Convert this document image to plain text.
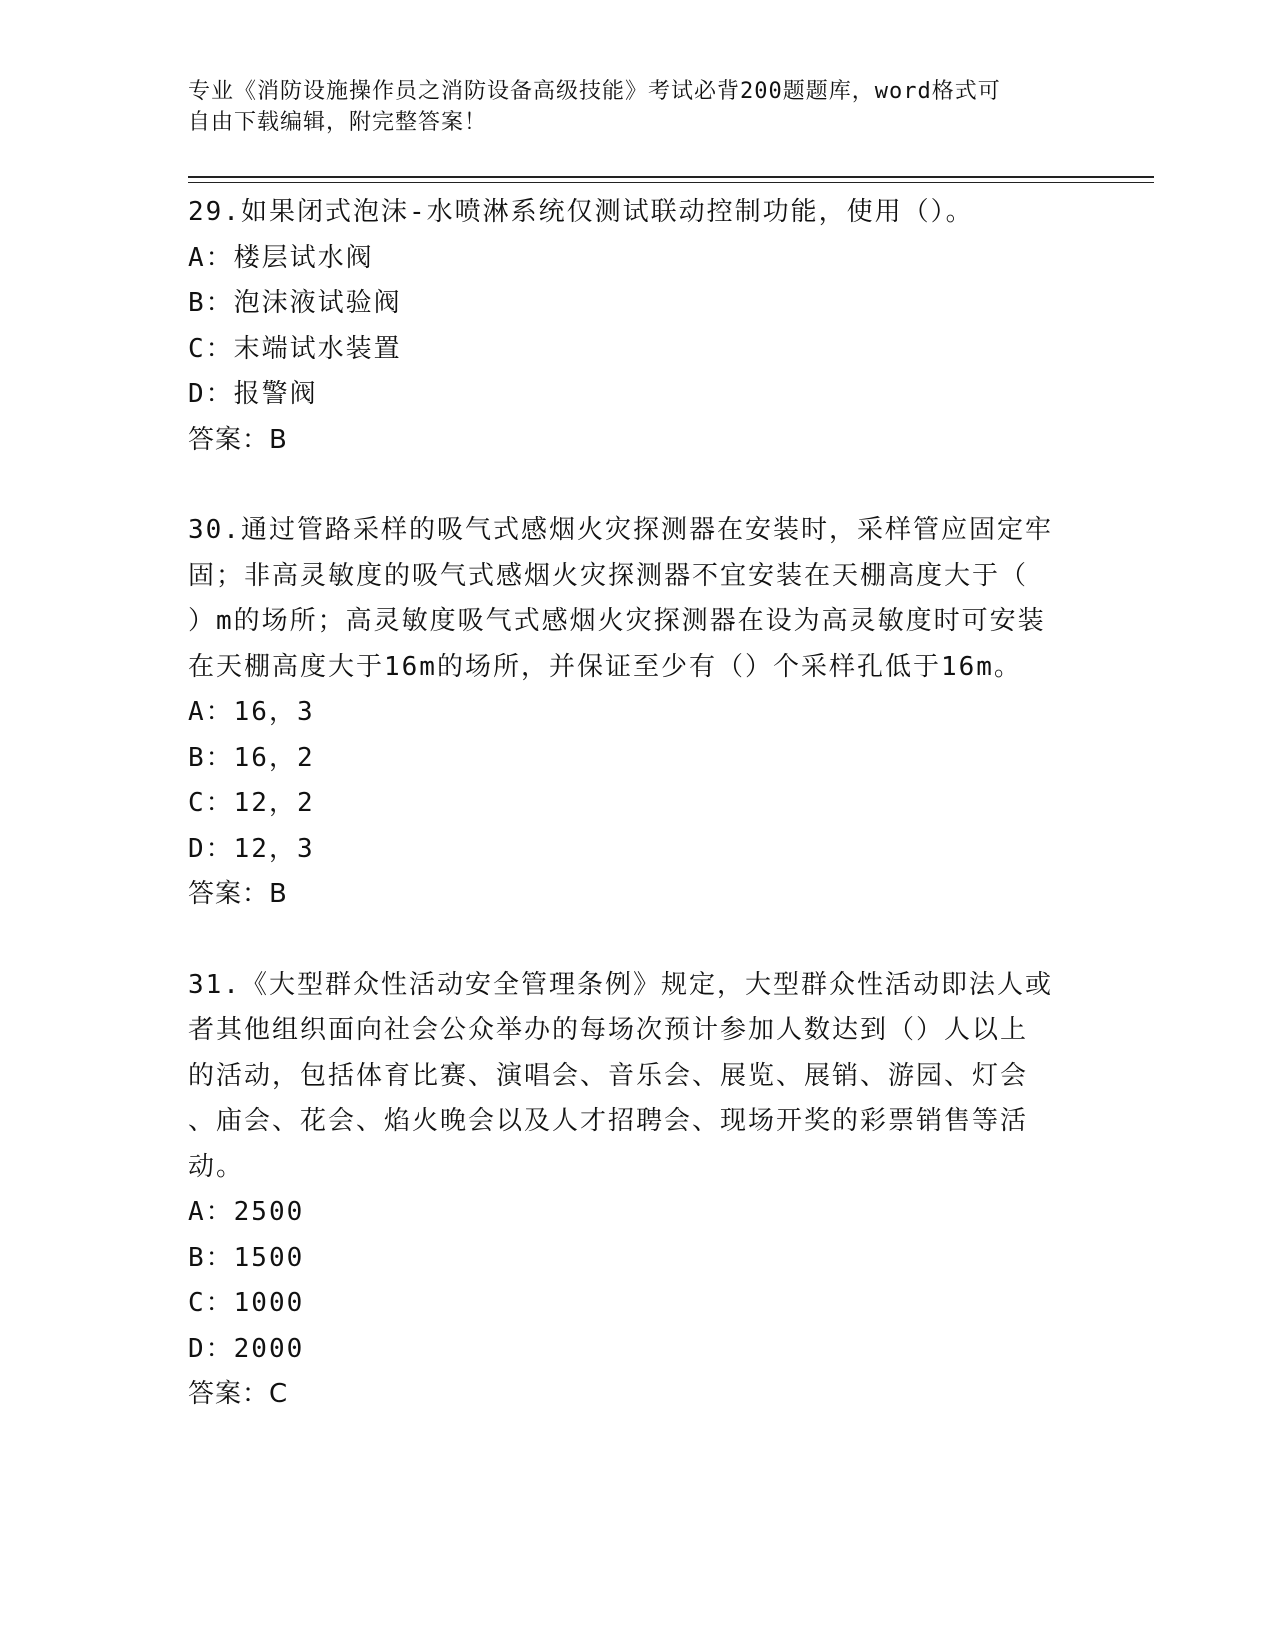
专业《消防设施操作员之消防设备高级技能》考试必背200题题库，word格式可
自由下载编辑，附完整答案！
29.如果闭式泡沫-水喷淋系统仅测试联动控制功能，使用（）。
A：楼层试水阀
B：泡沫液试验阀
C：末端试水装置
D：报警阀
答案：B
30.通过管路采样的吸气式感烟火灾探测器在安装时，采样管应固定牢
固；非高灵敏度的吸气式感烟火灾探测器不宜安装在天棚高度大于（
）m的场所；高灵敏度吸气式感烟火灾探测器在设为高灵敏度时可安装
在天棚高度大于16m的场所，并保证至少有（）个采样孔低于16m。
A：16，3
B：16，2
C：12，2
D：12，3
答案：B
31.《大型群众性活动安全管理条例》规定，大型群众性活动即法人或
者其他组织面向社会公众举办的每场次预计参加人数达到（）人以上
的活动，包括体育比赛、演唱会、音乐会、展览、展销、游园、灯会
、庙会、花会、焰火晚会以及人才招聘会、现场开奖的彩票销售等活
动。
A：2500
B：1500
C：1000
D：2000
答案：C
